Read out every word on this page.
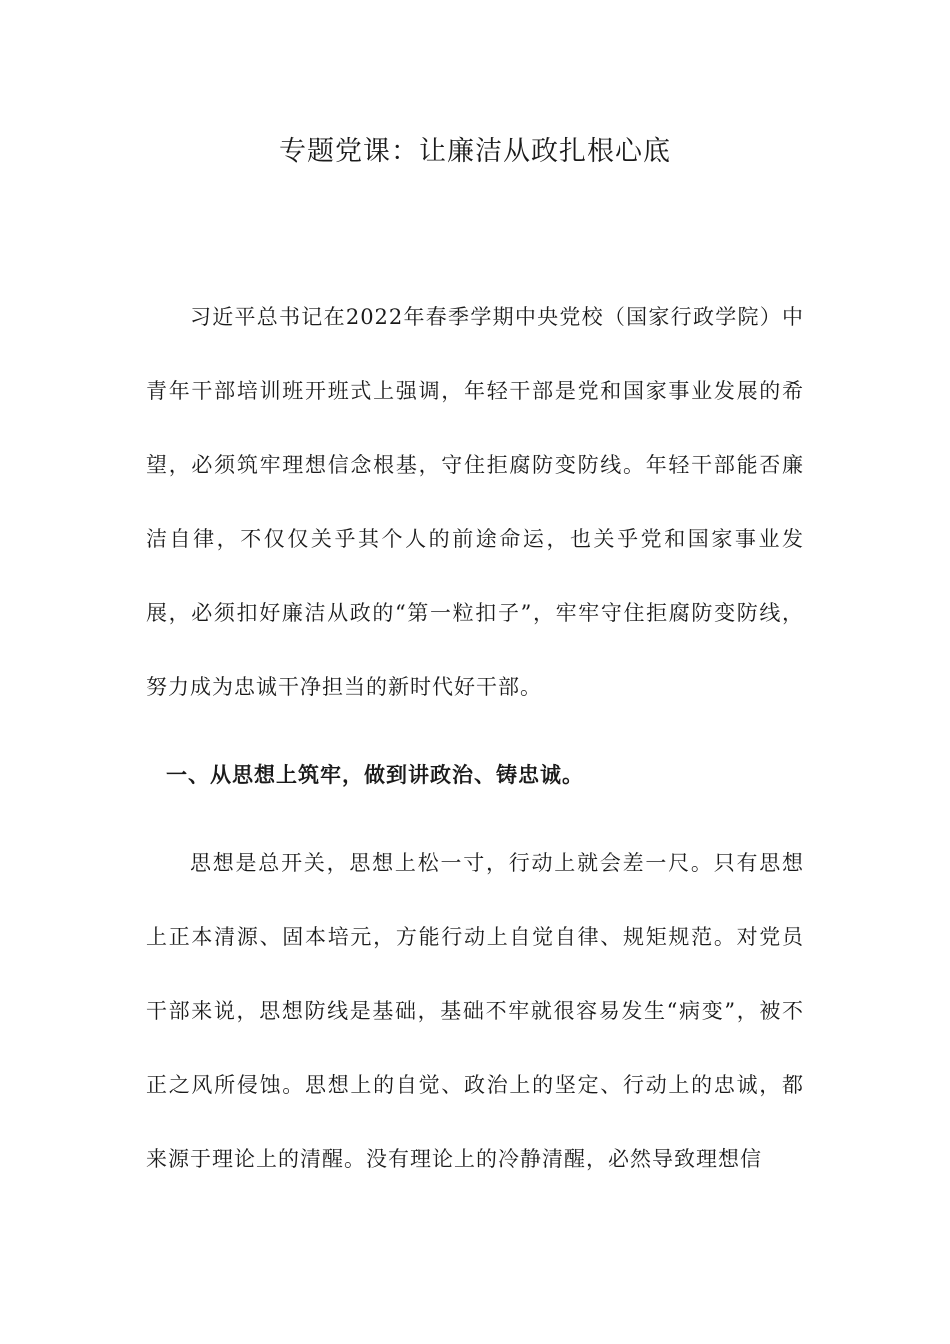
专题党课：让廉洁从政扎根心底

习近平总书记在2022年春季学期中央党校（国家行政学院）中青年干部培训班开班式上强调，年轻干部是党和国家事业发展的希望，必须筑牢理想信念根基，守住拒腐防变防线。年轻干部能否廉洁自律，不仅仅关乎其个人的前途命运，也关乎党和国家事业发展，必须扣好廉洁从政的“第一粒扣子”，牢牢守住拒腐防变防线，努力成为忠诚干净担当的新时代好干部。

一、从思想上筑牢，做到讲政治、铸忠诚。

思想是总开关，思想上松一寸，行动上就会差一尺。只有思想上正本清源、固本培元，方能行动上自觉自律、规矩规范。对党员干部来说，思想防线是基础，基础不牢就很容易发生“病变”，被不正之风所侵蚀。思想上的自觉、政治上的坚定、行动上的忠诚，都来源于理论上的清醒。没有理论上的冷静清醒，必然导致理想信
